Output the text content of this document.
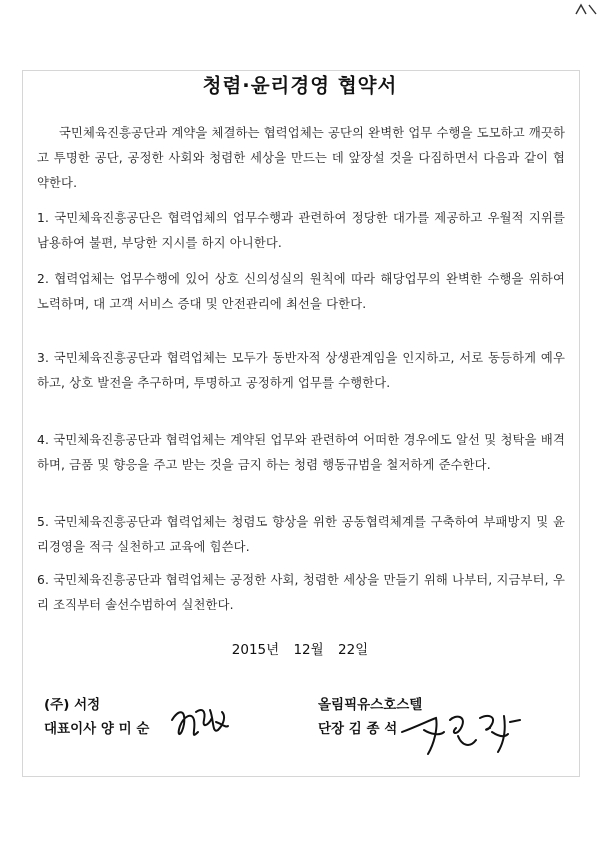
청렴·윤리경영 협약서
국민체육진흥공단과 계약을 체결하는 협력업체는 공단의 완벽한 업무 수행을 도모하고 깨끗하고 투명한 공단, 공정한 사회와 청렴한 세상을 만드는 데 앞장설 것을 다짐하면서 다음과 같이 협약한다.
1. 국민체육진흥공단은 협력업체의 업무수행과 관련하여 정당한 대가를 제공하고 우월적 지위를 남용하여 불편, 부당한 지시를 하지 아니한다.
2. 협력업체는 업무수행에 있어 상호 신의성실의 원칙에 따라 해당업무의 완벽한 수행을 위하여 노력하며, 대 고객 서비스 증대 및 안전관리에 최선을 다한다.
3. 국민체육진흥공단과 협력업체는 모두가 동반자적 상생관계임을 인지하고, 서로 동등하게 예우하고, 상호 발전을 추구하며, 투명하고 공정하게 업무를 수행한다.
4. 국민체육진흥공단과 협력업체는 계약된 업무와 관련하여 어떠한 경우에도 알선 및 청탁을 배격하며, 금품 및 향응을 주고 받는 것을 금지 하는 청렴 행동규범을 철저하게 준수한다.
5. 국민체육진흥공단과 협력업체는 청렴도 향상을 위한 공동협력체계를 구축하여 부패방지 및 윤리경영을 적극 실천하고 교육에 힘쓴다.
6. 국민체육진흥공단과 협력업체는 공정한 사회, 청렴한 세상을 만들기 위해 나부터, 지금부터, 우리 조직부터 솔선수범하여 실천한다.
2015년 12월 22일
(주) 서정
대표이사 양 미 순
올림픽유스호스텔
단장 김 종 석
